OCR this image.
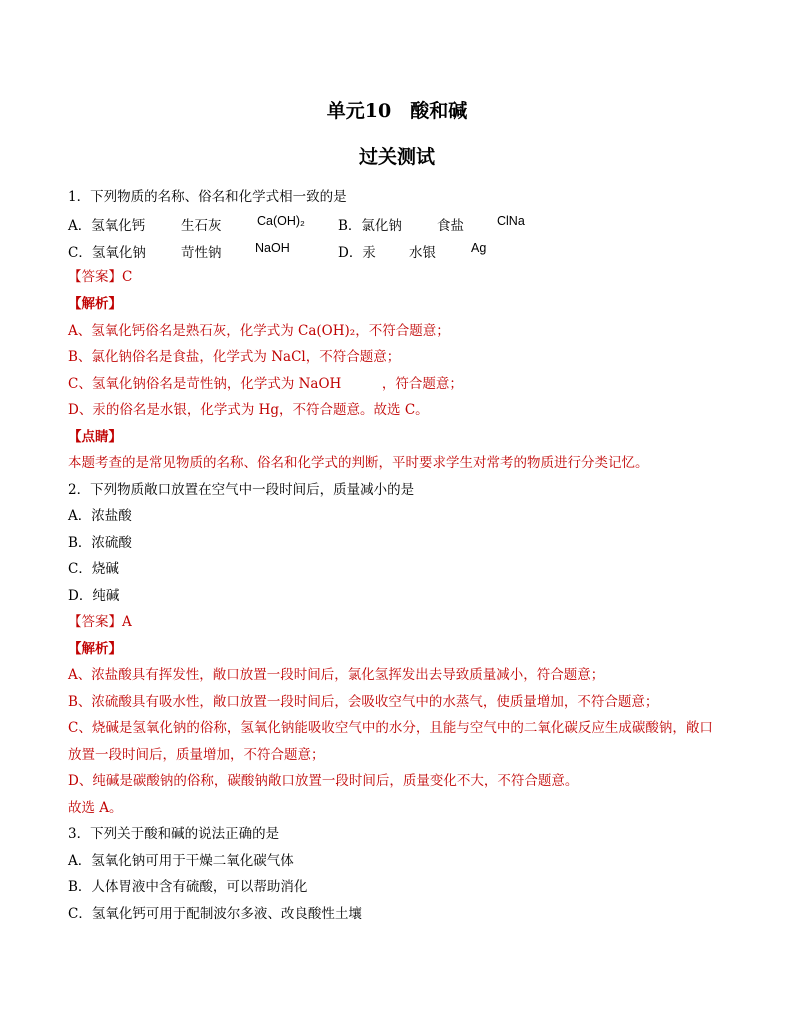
单元10　酸和碱
过关测试
1．下列物质的名称、俗名和化学式相一致的是
A．氢氧化钙	生石灰	Ca(OH)₂ B．氯化钠	食盐	ClNa
C．氢氧化钠	苛性钠	NaOH	D．汞 水银	Ag
【答案】C
【解析】
A、氢氧化钙俗名是熟石灰，化学式为 Ca(OH)₂，不符合题意；
B、氯化钠俗名是食盐，化学式为 NaCl，不符合题意；
C、氢氧化钠俗名是苛性钠，化学式为 NaOH　　　，符合题意；
D、汞的俗名是水银，化学式为 Hg，不符合题意。故选 C。
【点睛】
本题考查的是常见物质的名称、俗名和化学式的判断，平时要求学生对常考的物质进行分类记忆。
2．下列物质敞口放置在空气中一段时间后，质量减小的是
A．浓盐酸
B．浓硫酸
C．烧碱
D．纯碱
【答案】A
【解析】
A、浓盐酸具有挥发性，敞口放置一段时间后，氯化氢挥发出去导致质量减小，符合题意；
B、浓硫酸具有吸水性，敞口放置一段时间后，会吸收空气中的水蒸气，使质量增加，不符合题意；
C、烧碱是氢氧化钠的俗称，氢氧化钠能吸收空气中的水分，且能与空气中的二氧化碳反应生成碳酸钠，敞口
放置一段时间后，质量增加，不符合题意；
D、纯碱是碳酸钠的俗称，碳酸钠敞口放置一段时间后，质量变化不大，不符合题意。
故选 A。
3．下列关于酸和碱的说法正确的是
A．氢氧化钠可用于干燥二氧化碳气体
B．人体胃液中含有硫酸，可以帮助消化
C．氢氧化钙可用于配制波尔多液、改良酸性土壤
